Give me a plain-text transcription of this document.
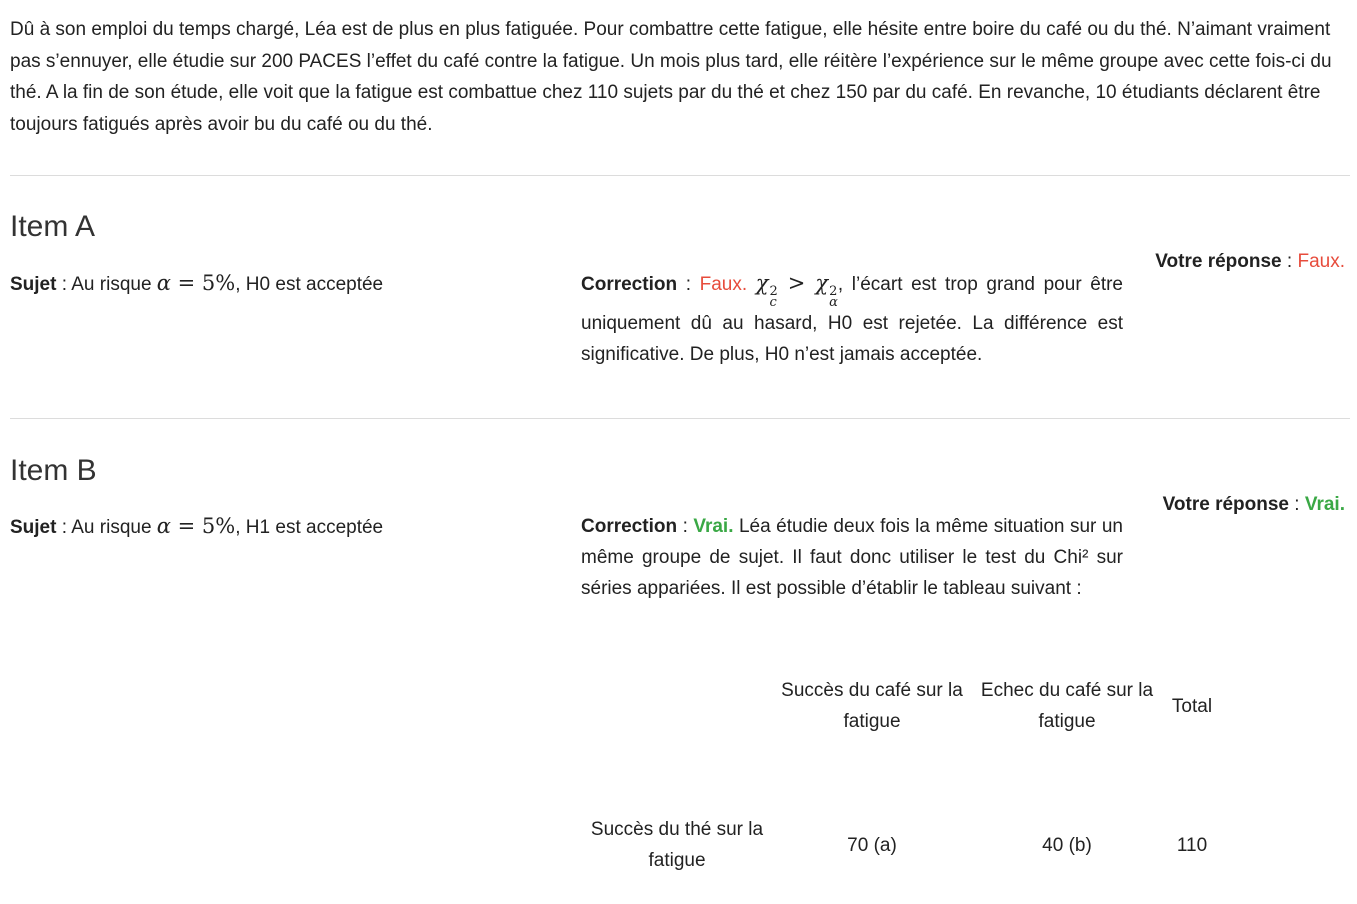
Dû à son emploi du temps chargé, Léa est de plus en plus fatiguée. Pour combattre cette fatigue, elle hésite entre boire du café ou du thé. N’aimant vraiment pas s’ennuyer, elle étudie sur 200 PACES l’effet du café contre la fatigue. Un mois plus tard, elle réitère l’expérience sur le même groupe avec cette fois-ci du thé. A la fin de son étude, elle voit que la fatigue est combattue chez 110 sujets par du thé et chez 150 par du café. En revanche, 10 étudiants déclarent être toujours fatigués après avoir bu du café ou du thé.

Item A
Votre réponse : Faux.
Sujet : Au risque α = 5%, H0 est acceptée	Correction : Faux. χ 2
c
> χ 2
α
, l’écart est trop grand pour être uniquement dû au hasard, H0 est rejetée. La différence est significative. De plus, H0 n’est jamais acceptée.
Item B
Votre réponse : Vrai.
Sujet : Au risque α = 5%, H1 est acceptée	Correction : Vrai. Léa étudie deux fois la même situation sur un même groupe de sujet. Il faut donc utiliser le test du Chi² sur séries appariées. Il est possible d’établir le tableau suivant :
	Succès du café sur la fatigue	Echec du café sur la fatigue	Total
Succès du thé sur la fatigue	70 (a)	40 (b)	110
